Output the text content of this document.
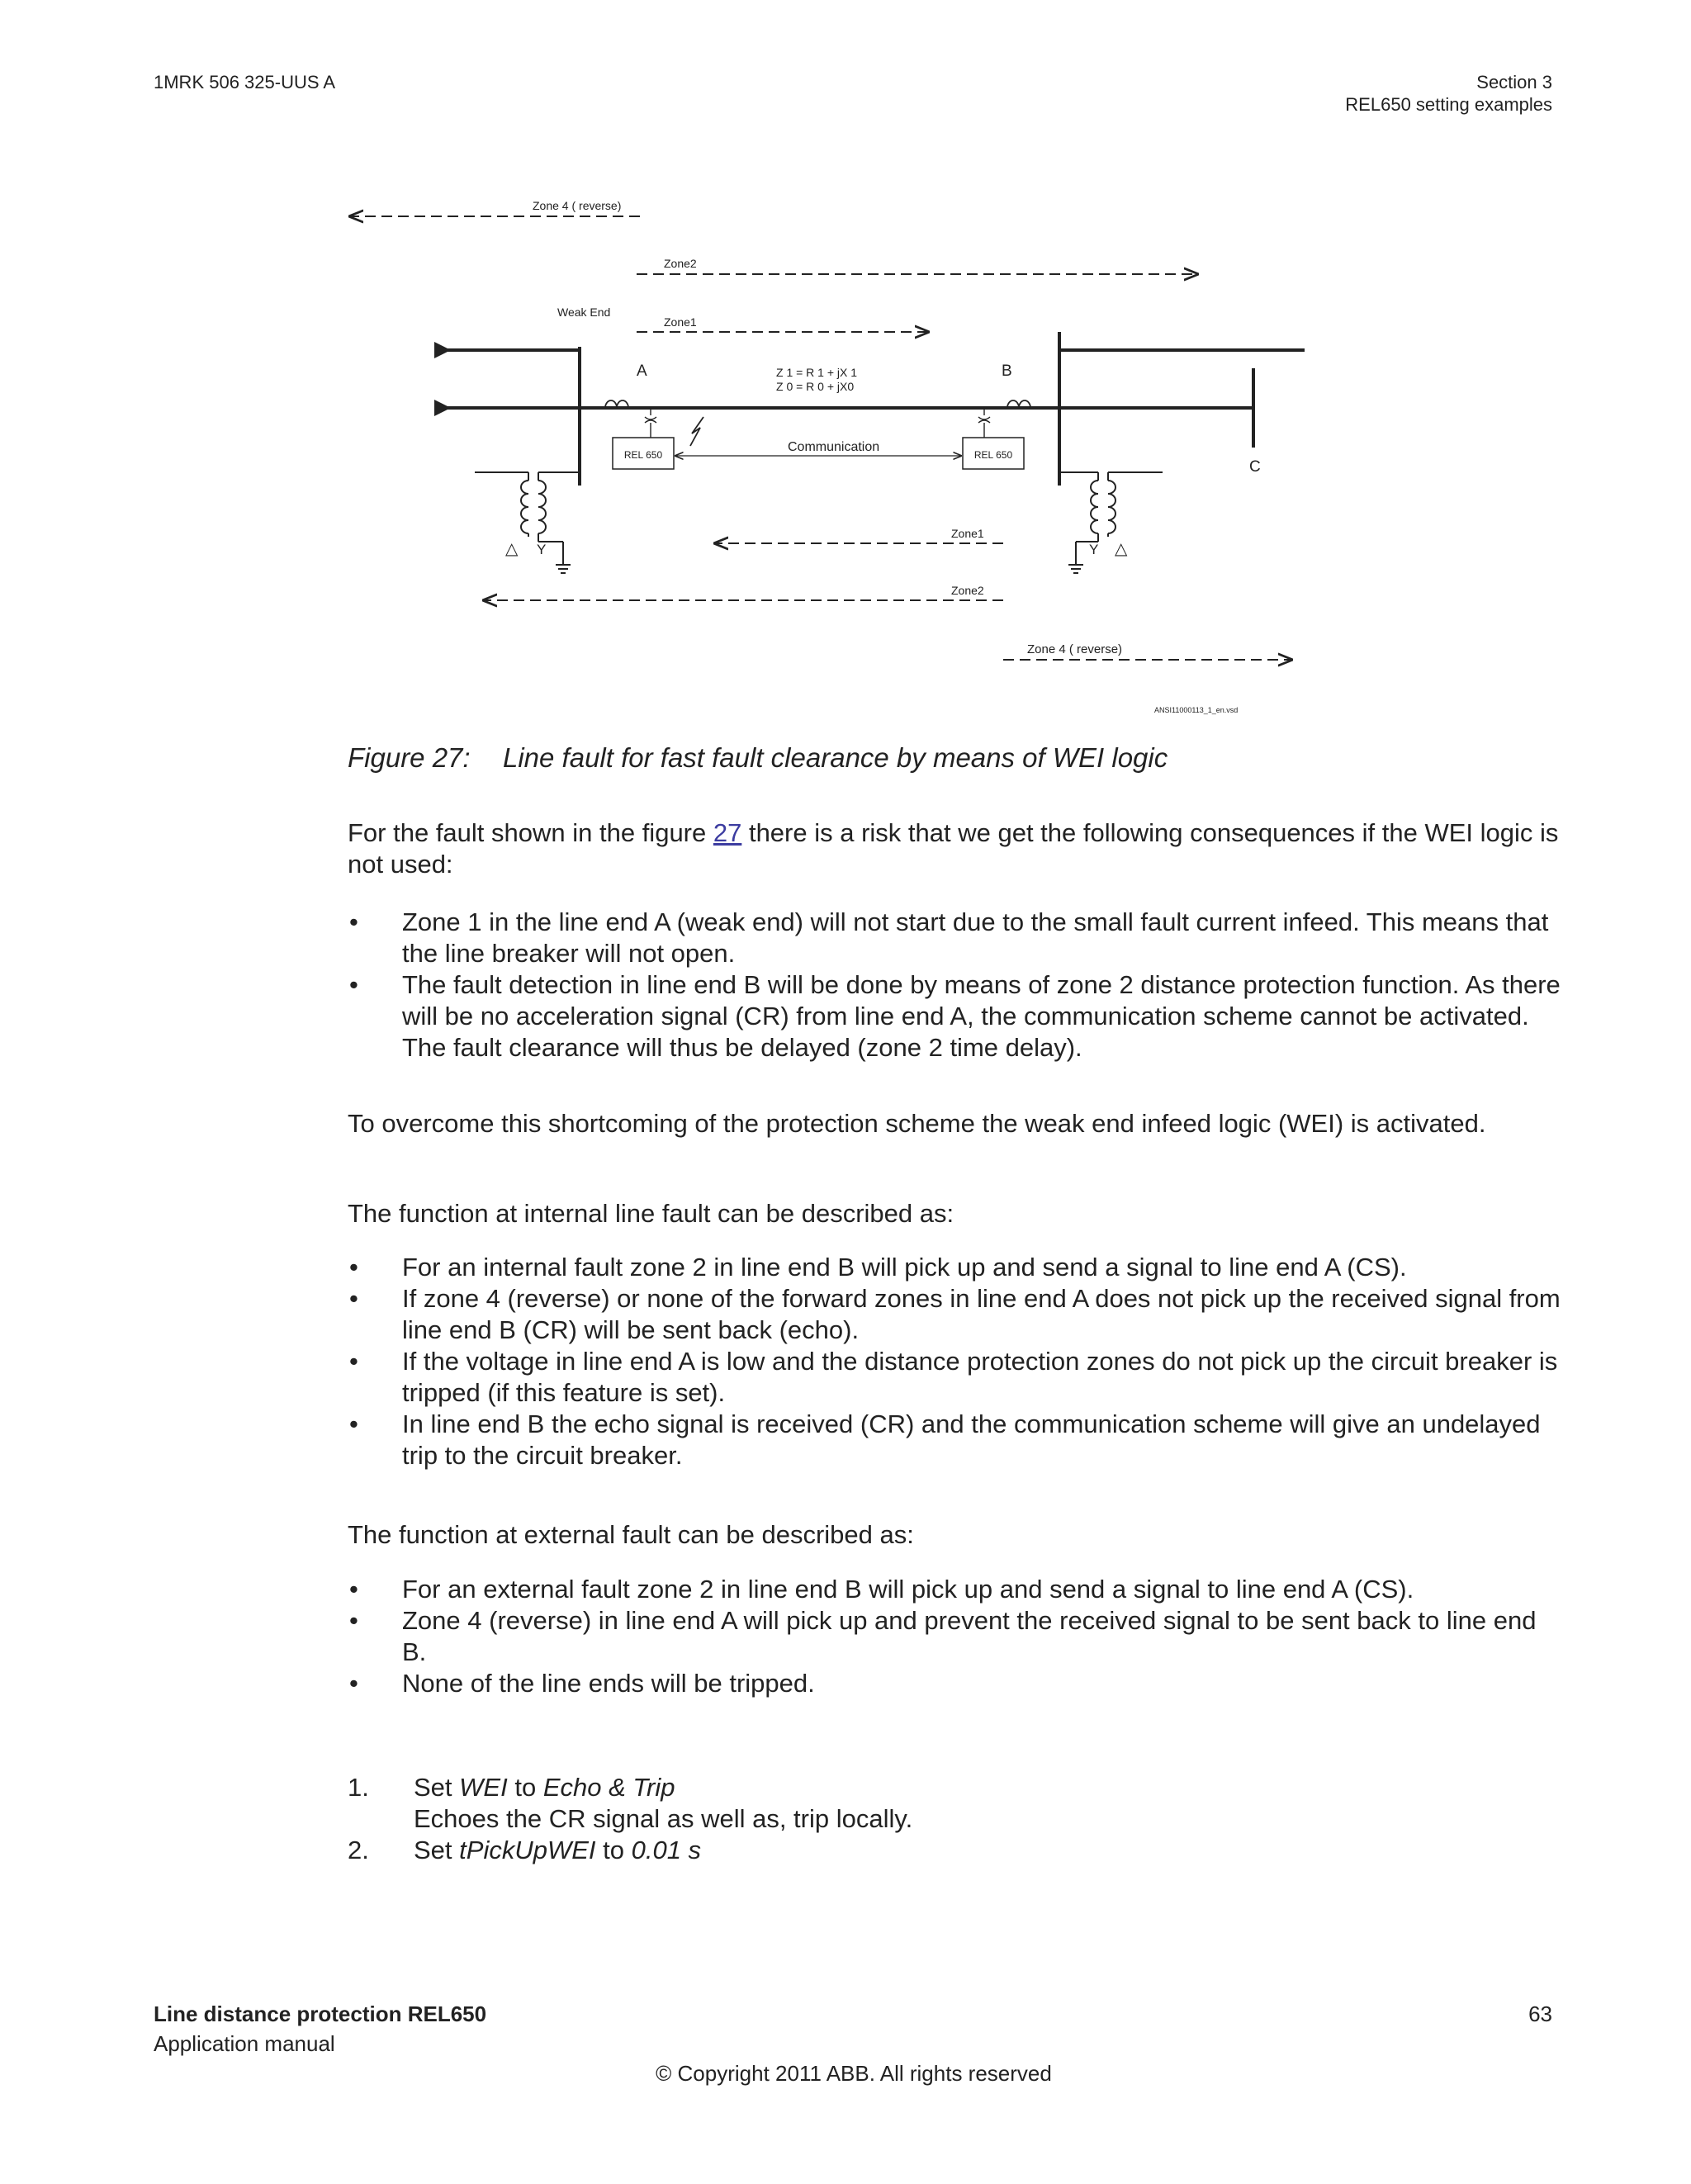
1MRK 506 325-UUS A	Section 3
REL650 setting examples
Zone 4 ( reverse)
Zone2
Weak End
Zone1
A	Z 1 = R 1 + jX 1
Z 0 = R 0 + jX0
B
C
REL 650	REL 650
Communication
△ Y	Y △
Zone1
Zone2
Zone 4 ( reverse)
ANSI11000113_1_en.vsd
Figure 27: Line fault for fast fault clearance by means of WEI logic

For the fault shown in the figure 27 there is a risk that we get the following consequences if the WEI logic is not used:

• Zone 1 in the line end A (weak end) will not start due to the small fault current infeed. This means that the line breaker will not open.
• The fault detection in line end B will be done by means of zone 2 distance protection function. As there will be no acceleration signal (CR) from line end A, the communication scheme cannot be activated. The fault clearance will thus be delayed (zone 2 time delay).

To overcome this shortcoming of the protection scheme the weak end infeed logic (WEI) is activated.

The function at internal line fault can be described as:

• For an internal fault zone 2 in line end B will pick up and send a signal to line end A (CS).
• If zone 4 (reverse) or none of the forward zones in line end A does not pick up the received signal from line end B (CR) will be sent back (echo).
• If the voltage in line end A is low and the distance protection zones do not pick up the circuit breaker is tripped (if this feature is set).
• In line end B the echo signal is received (CR) and the communication scheme will give an undelayed trip to the circuit breaker.

The function at external fault can be described as:

• For an external fault zone 2 in line end B will pick up and send a signal to line end A (CS).
• Zone 4 (reverse) in line end A will pick up and prevent the received signal to be sent back to line end B.
• None of the line ends will be tripped.
1. Set WEI to Echo & Trip
Echoes the CR signal as well as, trip locally.
2. Set tPickUpWEI to 0.01 s
Line distance protection REL650
Application manual
63
© Copyright 2011 ABB. All rights reserved
